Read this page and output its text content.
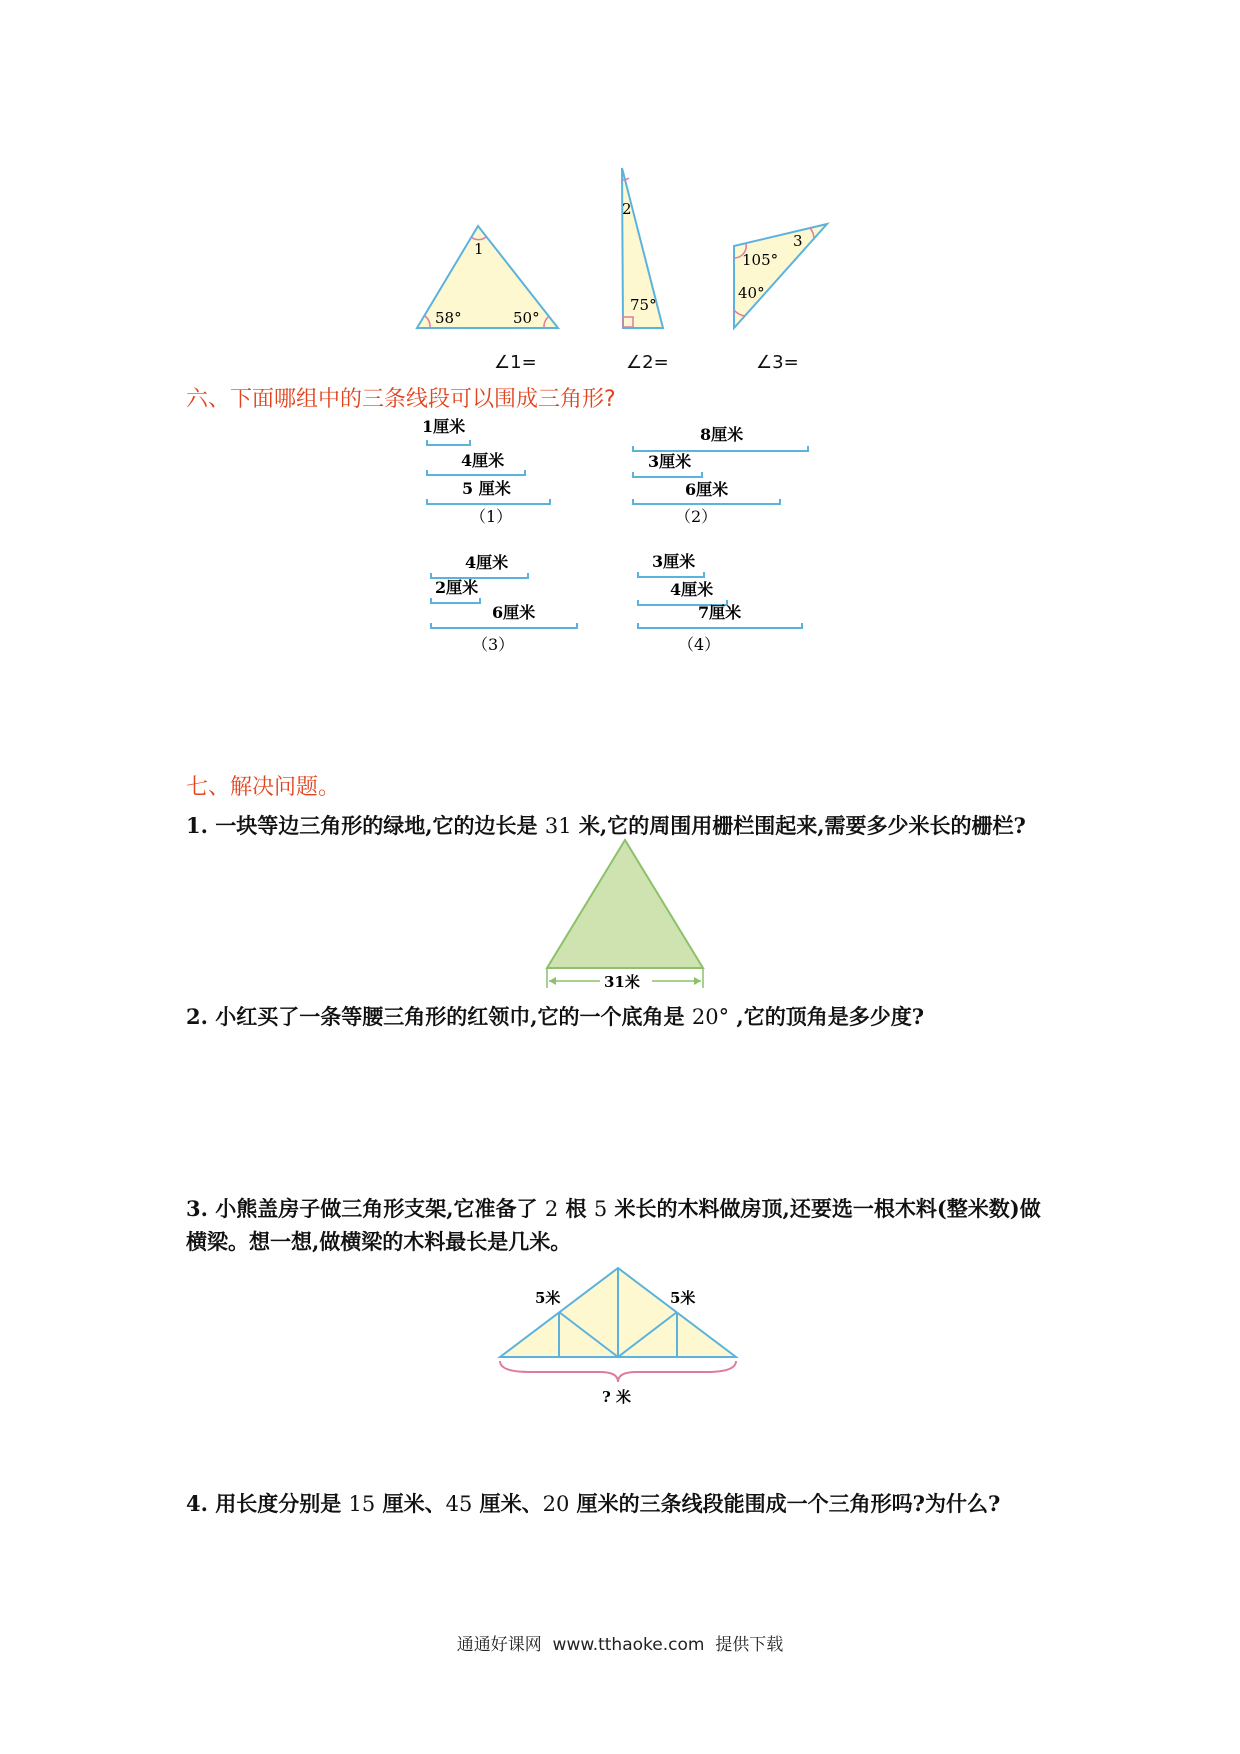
1
58°	50°
2
75°
3
105°
40°
∠1=	∠2=	∠3=
六、下面哪组中的三条线段可以围成三角形?
1厘米
4厘米
5 厘米
（1）
8厘米
3厘米
6厘米
（2）
4厘米
2厘米
6厘米
（3）
3厘米
4厘米
7厘米
（4）
七、解决问题。
1. 一块等边三角形的绿地,它的边长是 31 米,它的周围用栅栏围起来,需要多少米长的栅栏?
31米
2. 小红买了一条等腰三角形的红领巾,它的一个底角是 20° ,它的顶角是多少度?
3. 小熊盖房子做三角形支架,它准备了 2 根 5 米长的木料做房顶,还要选一根木料(整米数)做
横梁。想一想,做横梁的木料最长是几米。
5米	5米
? 米
4. 用长度分别是 15 厘米、45 厘米、20 厘米的三条线段能围成一个三角形吗?为什么?
通通好课网  www.tthaoke.com  提供下载
